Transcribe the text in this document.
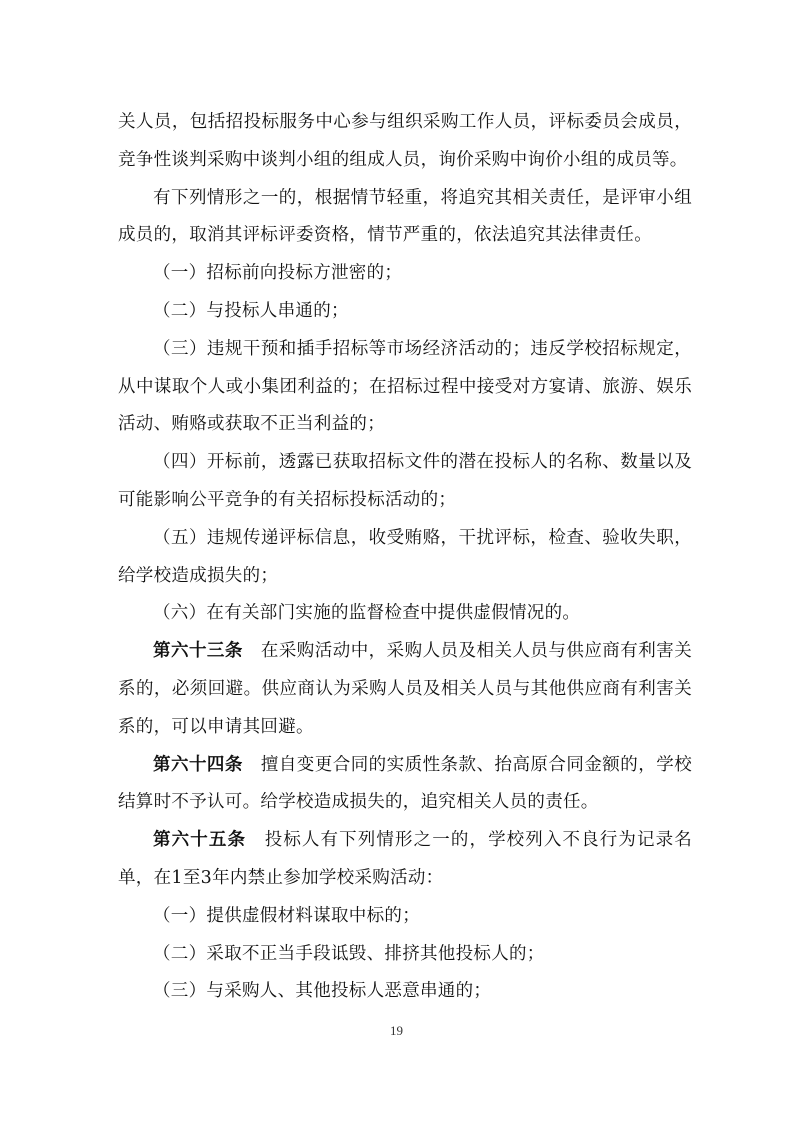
关人员，包括招投标服务中心参与组织采购工作人员，评标委员会成员，竞争性谈判采购中谈判小组的组成人员，询价采购中询价小组的成员等。

有下列情形之一的，根据情节轻重，将追究其相关责任，是评审小组成员的，取消其评标评委资格，情节严重的，依法追究其法律责任。

（一）招标前向投标方泄密的；

（二）与投标人串通的；

（三）违规干预和插手招标等市场经济活动的；违反学校招标规定，从中谋取个人或小集团利益的；在招标过程中接受对方宴请、旅游、娱乐活动、贿赂或获取不正当利益的；

（四）开标前，透露已获取招标文件的潜在投标人的名称、数量以及可能影响公平竞争的有关招标投标活动的；

（五）违规传递评标信息，收受贿赂，干扰评标，检查、验收失职，给学校造成损失的；

（六）在有关部门实施的监督检查中提供虚假情况的。

第六十三条  在采购活动中，采购人员及相关人员与供应商有利害关系的，必须回避。供应商认为采购人员及相关人员与其他供应商有利害关系的，可以申请其回避。

第六十四条  擅自变更合同的实质性条款、抬高原合同金额的，学校结算时不予认可。给学校造成损失的，追究相关人员的责任。

第六十五条  投标人有下列情形之一的，学校列入不良行为记录名单，在1至3年内禁止参加学校采购活动：

（一）提供虚假材料谋取中标的；

（二）采取不正当手段诋毁、排挤其他投标人的；

（三）与采购人、其他投标人恶意串通的；

19
